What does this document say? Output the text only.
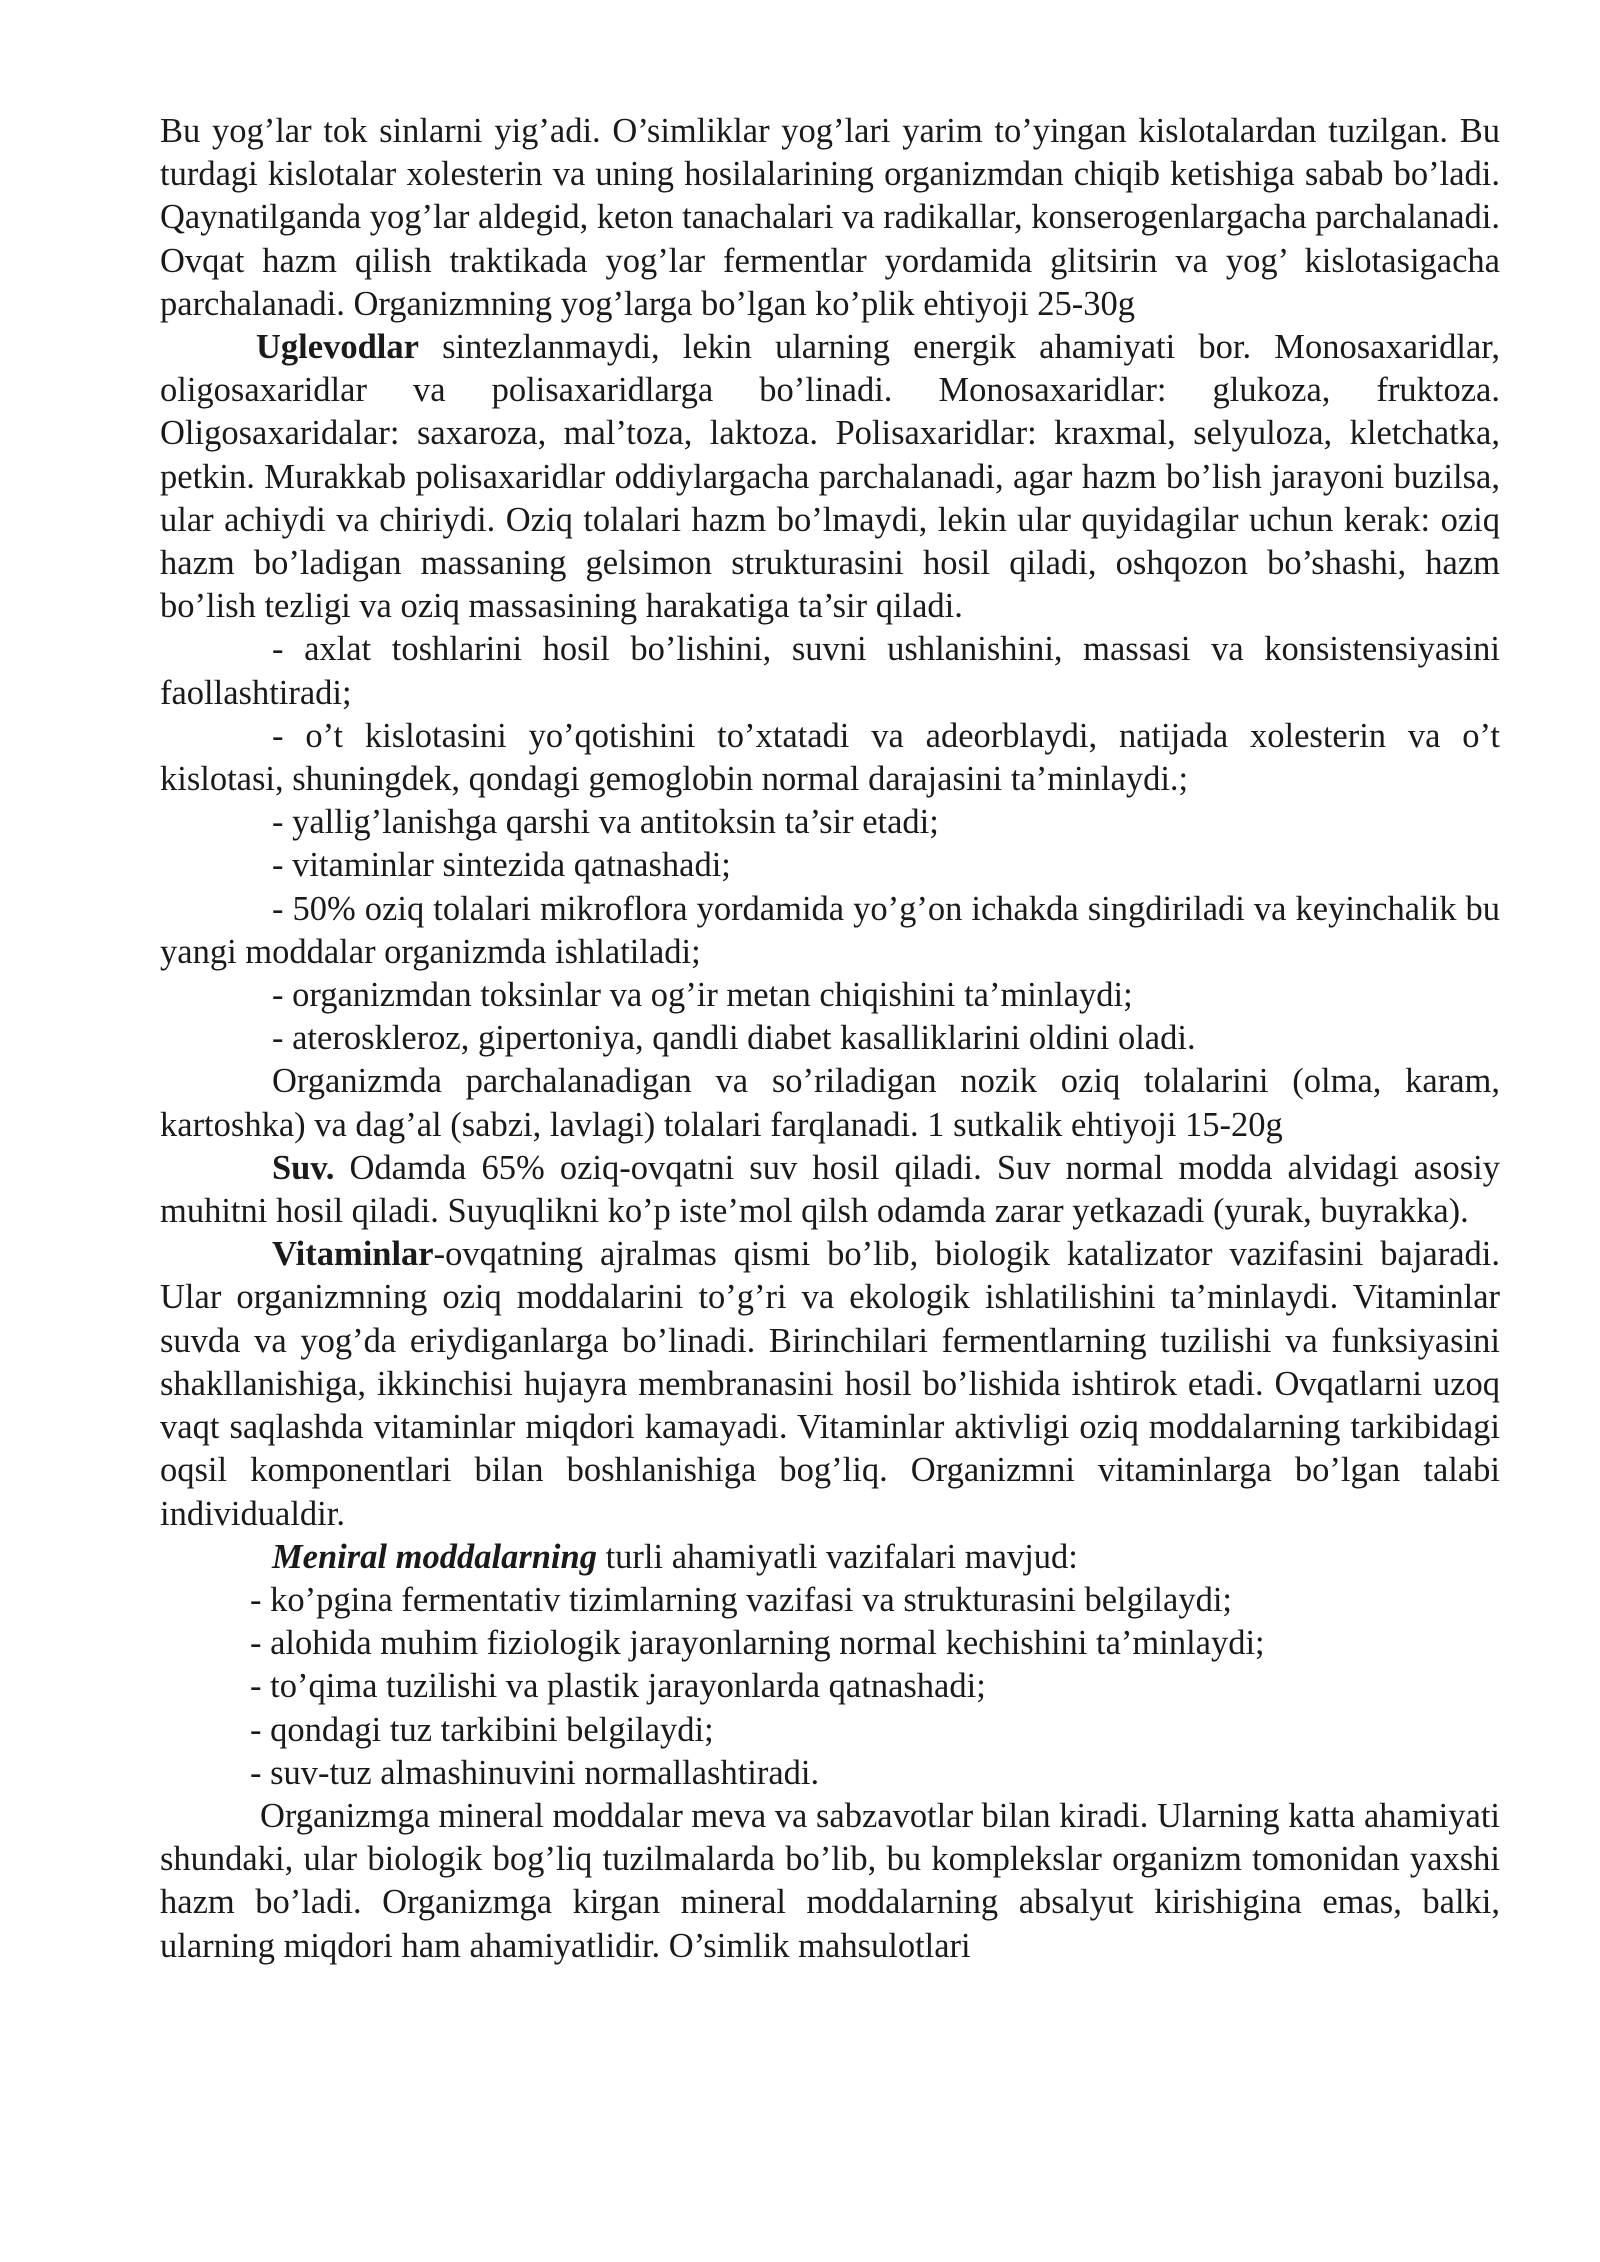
Bu yog’lar tok sinlarni yig’adi. O’simliklar yog’lari yarim to’yingan kislotalardan tuzilgan. Bu turdagi kislotalar xolesterin va uning hosilalarining organizmdan chiqib ketishiga sabab bo’ladi. Qaynatilganda yog’lar aldegid, keton tanachalari va radikallar, konserogenlargacha parchalanadi. Ovqat hazm qilish traktikada yog’lar fermentlar yordamida glitsirin va yog’ kislotasigacha parchalanadi. Organizmning yog’larga bo’lgan ko’plik ehtiyoji 25-30g

Uglevodlar sintezlanmaydi, lekin ularning energik ahamiyati bor. Monosaxaridlar, oligosaxaridlar va polisaxaridlarga bo’linadi. Monosaxaridlar: glukoza, fruktoza. Oligosaxaridalar: saxaroza, mal’toza, laktoza. Polisaxaridlar: kraxmal, selyuloza, kletchatka, petkin. Murakkab polisaxaridlar oddiylargacha parchalanadi, agar hazm bo’lish jarayoni buzilsa, ular achiydi va chiriydi. Oziq tolalari hazm bo’lmaydi, lekin ular quyidagilar uchun kerak: oziq hazm bo’ladigan massaning gelsimon strukturasini hosil qiladi, oshqozon bo’shashi, hazm bo’lish tezligi va oziq massasining harakatiga ta’sir qiladi.

- axlat toshlarini hosil bo’lishini, suvni ushlanishini, massasi va konsistensiyasini faollashtiradi;

- o’t kislotasini yo’qotishini to’xtatadi va adeorblaydi, natijada xolesterin va o’t kislotasi, shuningdek, qondagi gemoglobin normal darajasini ta’minlaydi.;

- yallig’lanishga qarshi va antitoksin ta’sir etadi;

- vitaminlar sintezida qatnashadi;

- 50% oziq tolalari mikroflora yordamida yo’g’on ichakda singdiriladi va keyinchalik bu yangi moddalar organizmda ishlatiladi;

- organizmdan toksinlar va og’ir metan chiqishini ta’minlaydi;

- ateroskleroz, gipertoniya, qandli diabet kasalliklarini oldini oladi.

Organizmda parchalanadigan va so’riladigan nozik oziq tolalarini (olma, karam, kartoshka) va dag’al (sabzi, lavlagi) tolalari farqlanadi. 1 sutkalik ehtiyoji 15-20g

Suv. Odamda 65% oziq-ovqatni suv hosil qiladi. Suv normal modda alvidagi asosiy muhitni hosil qiladi. Suyuqlikni ko’p iste’mol qilsh odamda zarar yetkazadi (yurak, buyrakka).

Vitaminlar-ovqatning ajralmas qismi bo’lib, biologik katalizator vazifasini bajaradi. Ular organizmning oziq moddalarini to’g’ri va ekologik ishlatilishini ta’minlaydi. Vitaminlar suvda va yog’da eriydiganlarga bo’linadi. Birinchilari fermentlarning tuzilishi va funksiyasini shakllanishiga, ikkinchisi hujayra membranasini hosil bo’lishida ishtirok etadi. Ovqatlarni uzoq vaqt saqlashda vitaminlar miqdori kamayadi. Vitaminlar aktivligi oziq moddalarning tarkibidagi oqsil komponentlari bilan boshlanishiga bog’liq. Organizmni vitaminlarga bo’lgan talabi individualdir.

Meniral moddalarning turli ahamiyatli vazifalari mavjud:

- ko’pgina fermentativ tizimlarning vazifasi va strukturasini belgilaydi;

- alohida muhim fiziologik jarayonlarning normal kechishini ta’minlaydi;

- to’qima tuzilishi va plastik jarayonlarda qatnashadi;

- qondagi tuz tarkibini belgilaydi;

- suv-tuz almashinuvini normallashtiradi.

Organizmga mineral moddalar meva va sabzavotlar bilan kiradi. Ularning katta ahamiyati shundaki, ular biologik bog’liq tuzilmalarda bo’lib, bu komplekslar organizm tomonidan yaxshi hazm bo’ladi. Organizmga kirgan mineral moddalarning absalyut kirishigina emas, balki, ularning miqdori ham ahamiyatlidir. O’simlik mahsulotlari
